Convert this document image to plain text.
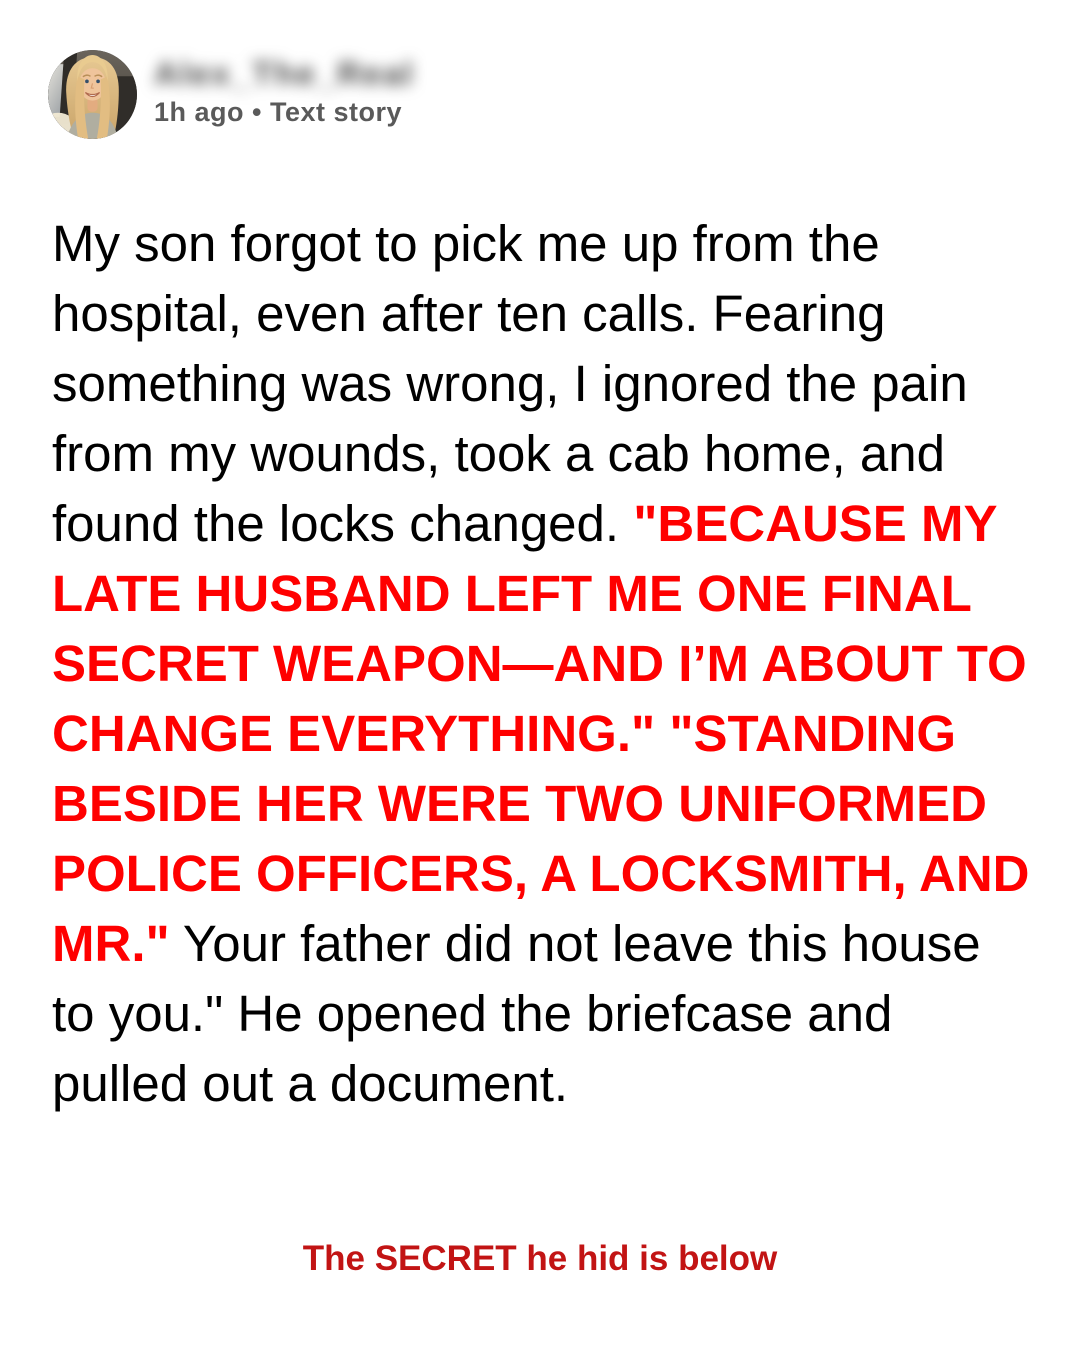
Alex_The_Real
1h ago • Text story

My son forgot to pick me up from the hospital, even after ten calls. Fearing something was wrong, I ignored the pain from my wounds, took a cab home, and found the locks changed. "BECAUSE MY LATE HUSBAND LEFT ME ONE FINAL SECRET WEAPON—AND I’M ABOUT TO CHANGE EVERYTHING." "STANDING BESIDE HER WERE TWO UNIFORMED POLICE OFFICERS, A LOCKSMITH, AND MR." Your father did not leave this house to you." He opened the briefcase and pulled out a document.

The SECRET he hid is below
